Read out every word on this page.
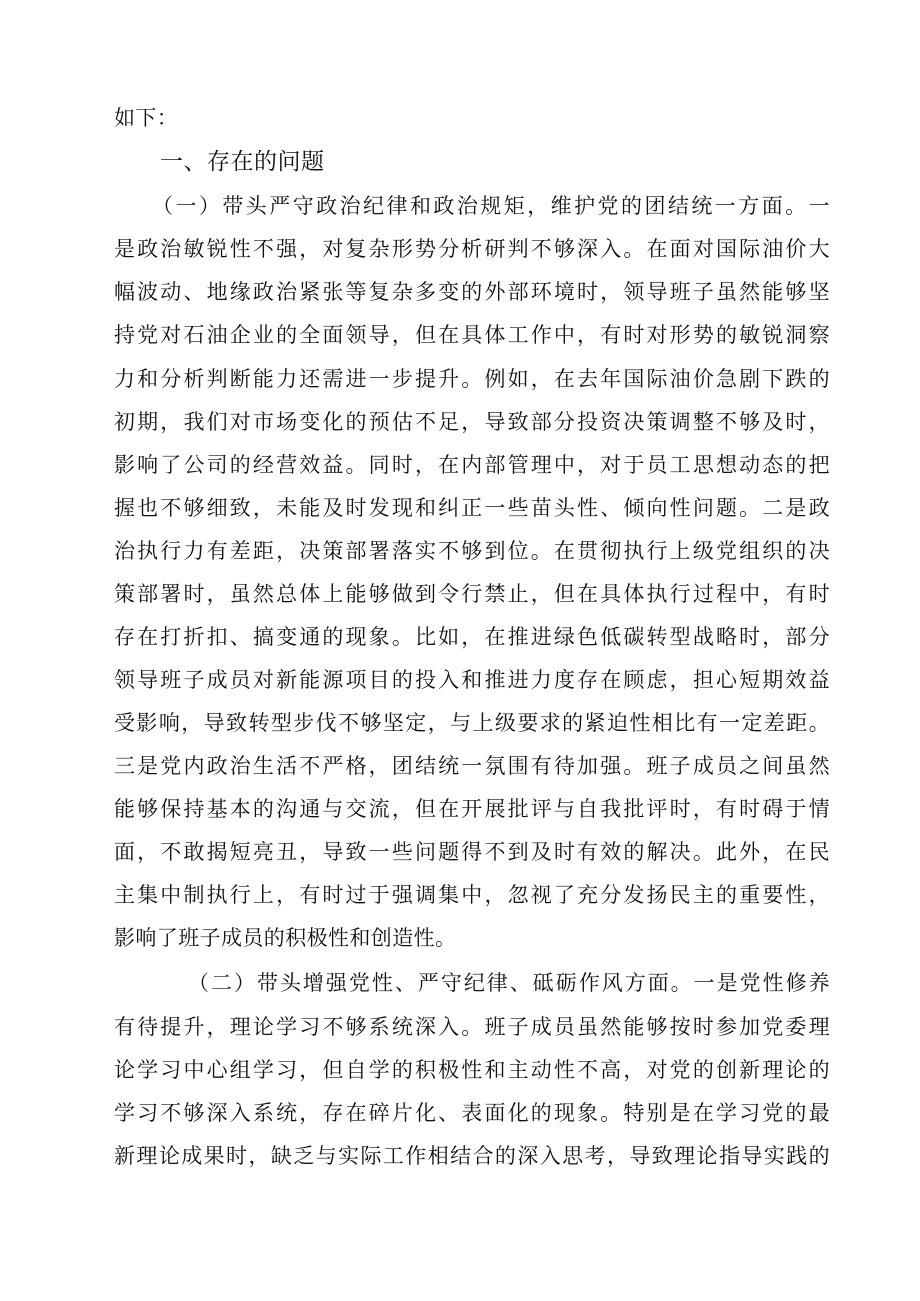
如下：
一、存在的问题
（一）带头严守政治纪律和政治规矩，维护党的团结统一方面。一
是政治敏锐性不强，对复杂形势分析研判不够深入。在面对国际油价大
幅波动、地缘政治紧张等复杂多变的外部环境时，领导班子虽然能够坚
持党对石油企业的全面领导，但在具体工作中，有时对形势的敏锐洞察
力和分析判断能力还需进一步提升。例如，在去年国际油价急剧下跌的
初期，我们对市场变化的预估不足，导致部分投资决策调整不够及时，
影响了公司的经营效益。同时，在内部管理中，对于员工思想动态的把
握也不够细致，未能及时发现和纠正一些苗头性、倾向性问题。二是政
治执行力有差距，决策部署落实不够到位。在贯彻执行上级党组织的决
策部署时，虽然总体上能够做到令行禁止，但在具体执行过程中，有时
存在打折扣、搞变通的现象。比如，在推进绿色低碳转型战略时，部分
领导班子成员对新能源项目的投入和推进力度存在顾虑，担心短期效益
受影响，导致转型步伐不够坚定，与上级要求的紧迫性相比有一定差距。
三是党内政治生活不严格，团结统一氛围有待加强。班子成员之间虽然
能够保持基本的沟通与交流，但在开展批评与自我批评时，有时碍于情
面，不敢揭短亮丑，导致一些问题得不到及时有效的解决。此外，在民
主集中制执行上，有时过于强调集中，忽视了充分发扬民主的重要性，
影响了班子成员的积极性和创造性。
（二）带头增强党性、严守纪律、砥砺作风方面。一是党性修养
有待提升，理论学习不够系统深入。班子成员虽然能够按时参加党委理
论学习中心组学习，但自学的积极性和主动性不高，对党的创新理论的
学习不够深入系统，存在碎片化、表面化的现象。特别是在学习党的最
新理论成果时，缺乏与实际工作相结合的深入思考，导致理论指导实践的
